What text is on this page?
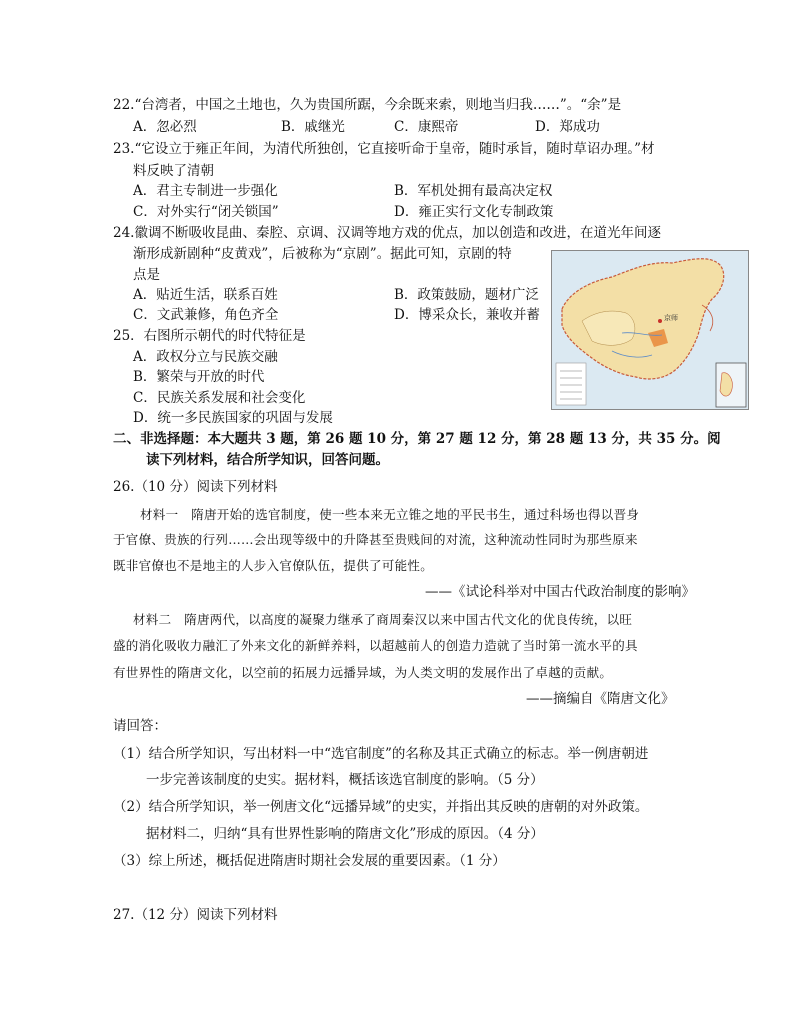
22.“台湾者，中国之土地也，久为贵国所踞，今余既来索，则地当归我……”。“余”是
A．忽必烈	B．戚继光	C．康熙帝	D．郑成功
23.“它设立于雍正年间，为清代所独创，它直接听命于皇帝，随时承旨，随时草诏办理。”材
料反映了清朝
A．君主专制进一步强化	B．军机处拥有最高决定权
C．对外实行“闭关锁国”	D．雍正实行文化专制政策
24.徽调不断吸收昆曲、秦腔、京调、汉调等地方戏的优点，加以创造和改进，在道光年间逐
渐形成新剧种“皮黄戏”，后被称为“京剧”。据此可知，京剧的特
点是
A．贴近生活，联系百姓	B．政策鼓励，题材广泛
C．文武兼修，角色齐全	D．博采众长，兼收并蓄	京师
25．右图所示朝代的时代特征是
A．政权分立与民族交融
B．繁荣与开放的时代
C．民族关系发展和社会变化
D．统一多民族国家的巩固与发展
二、非选择题：本大题共 3 题，第 26 题 10 分，第 27 题 12 分，第 28 题 13 分，共 35 分。阅
读下列材料，结合所学知识，回答问题。
26.（10 分）阅读下列材料
材料一　隋唐开始的选官制度，使一些本来无立锥之地的平民书生，通过科场也得以晋身
于官僚、贵族的行列……会出现等级中的升降甚至贵贱间的对流，这种流动性同时为那些原来
既非官僚也不是地主的人步入官僚队伍，提供了可能性。
——《试论科举对中国古代政治制度的影响》
材料二　隋唐两代，以高度的凝聚力继承了商周秦汉以来中国古代文化的优良传统，以旺
盛的消化吸收力融汇了外来文化的新鲜养料，以超越前人的创造力造就了当时第一流水平的具
有世界性的隋唐文化，以空前的拓展力远播异域，为人类文明的发展作出了卓越的贡献。
——摘编自《隋唐文化》
请回答：
（1）结合所学知识，写出材料一中“选官制度”的名称及其正式确立的标志。举一例唐朝进
一步完善该制度的史实。据材料，概括该选官制度的影响。（5 分）
（2）结合所学知识，举一例唐文化“远播异域”的史实，并指出其反映的唐朝的对外政策。
据材料二，归纳“具有世界性影响的隋唐文化”形成的原因。（4 分）
（3）综上所述，概括促进隋唐时期社会发展的重要因素。（1 分）
27.（12 分）阅读下列材料
